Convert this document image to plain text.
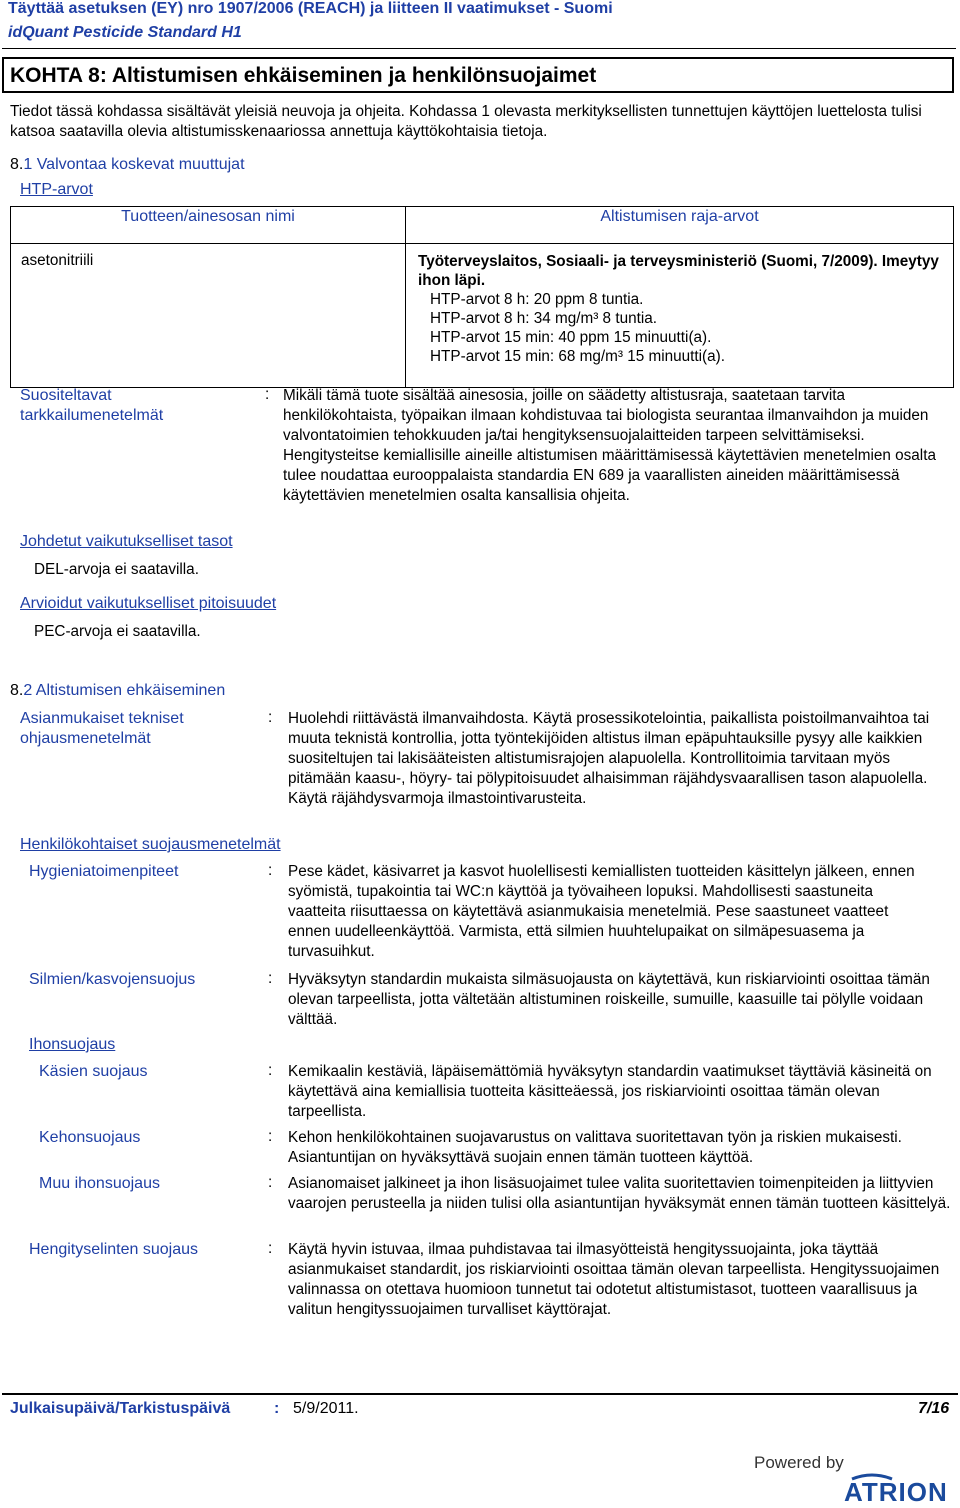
Täyttää asetuksen (EY) nro 1907/2006 (REACH) ja liitteen II vaatimukset - Suomi
idQuant Pesticide Standard H1
KOHTA 8: Altistumisen ehkäiseminen ja henkilönsuojaimet
Tiedot tässä kohdassa sisältävät yleisiä neuvoja ja ohjeita. Kohdassa 1 olevasta merkityksellisten tunnettujen käyttöjen luettelosta tulisi katsoa saatavilla olevia altistumisskenaariossa annettuja käyttökohtaisia tietoja.
8.1 Valvontaa koskevat muuttujat
HTP-arvot
Tuotteen/ainesosan nimi	Altistumisen raja-arvot
asetonitriili	Työterveyslaitos, Sosiaali- ja terveysministeriö (Suomi, 7/2009). Imeytyy ihon läpi.
HTP-arvot 8 h: 20 ppm 8 tuntia.
HTP-arvot 8 h: 34 mg/m³ 8 tuntia.
HTP-arvot 15 min: 40 ppm 15 minuutti(a).
HTP-arvot 15 min: 68 mg/m³ 15 minuutti(a).
Suositeltavat tarkkailumenetelmät
: Mikäli tämä tuote sisältää ainesosia, joille on säädetty altistusraja, saatetaan tarvita henkilökohtaista, työpaikan ilmaan kohdistuvaa tai biologista seurantaa ilmanvaihdon ja muiden valvontatoimien tehokkuuden ja/tai hengityksensuojalaitteiden tarpeen selvittämiseksi. Hengitysteitse kemiallisille aineille altistumisen määrittämisessä käytettävien menetelmien osalta tulee noudattaa eurooppalaista standardia EN 689 ja vaarallisten aineiden määrittämisessä käytettävien menetelmien osalta kansallisia ohjeita.
Johdetut vaikutukselliset tasot
DEL-arvoja ei saatavilla.
Arvioidut vaikutukselliset pitoisuudet
PEC-arvoja ei saatavilla.
8.2 Altistumisen ehkäiseminen
Asianmukaiset tekniset ohjausmenetelmät
: Huolehdi riittävästä ilmanvaihdosta. Käytä prosessikotelointia, paikallista poistoilmanvaihtoa tai muuta teknistä kontrollia, jotta työntekijöiden altistus ilman epäpuhtauksille pysyy alle kaikkien suositeltujen tai lakisääteisten altistumisrajojen alapuolella. Kontrollitoimia tarvitaan myös pitämään kaasu-, höyry- tai pölypitoisuudet alhaisimman räjähdysvaarallisen tason alapuolella. Käytä räjähdysvarmoja ilmastointivarusteita.
Henkilökohtaiset suojausmenetelmät
Hygieniatoimenpiteet	: Pese kädet, käsivarret ja kasvot huolellisesti kemiallisten tuotteiden käsittelyn jälkeen, ennen syömistä, tupakointia tai WC:n käyttöä ja työvaiheen lopuksi. Mahdollisesti saastuneita vaatteita riisuttaessa on käytettävä asianmukaisia menetelmiä. Pese saastuneet vaatteet ennen uudelleenkäyttöä. Varmista, että silmien huuhtelupaikat on silmäpesuasema ja turvasuihkut.
Silmien/kasvojensuojus	: Hyväksytyn standardin mukaista silmäsuojausta on käytettävä, kun riskiarviointi osoittaa tämän olevan tarpeellista, jotta vältetään altistuminen roiskeille, sumuille, kaasuille tai pölylle voidaan välttää.
Ihonsuojaus
Käsien suojaus	: Kemikaalin kestäviä, läpäisemättömiä hyväksytyn standardin vaatimukset täyttäviä käsineitä on käytettävä aina kemiallisia tuotteita käsitteäessä, jos riskiarviointi osoittaa tämän olevan tarpeellista.
Kehonsuojaus	: Kehon henkilökohtainen suojavarustus on valittava suoritettavan työn ja riskien mukaisesti. Asiantuntijan on hyväksyttävä suojain ennen tämän tuotteen käyttöä.
Muu ihonsuojaus	: Asianomaiset jalkineet ja ihon lisäsuojaimet tulee valita suoritettavien toimenpiteiden ja liittyvien vaarojen perusteella ja niiden tulisi olla asiantuntijan hyväksymät ennen tämän tuotteen käsittelyä.
Hengityselinten suojaus	: Käytä hyvin istuvaa, ilmaa puhdistavaa tai ilmasyötteistä hengityssuojainta, joka täyttää asianmukaiset standardit, jos riskiarviointi osoittaa tämän olevan tarpeellista. Hengityssuojaimen valinnassa on otettava huomioon tunnetut tai odotetut altistumistasot, tuotteen vaarallisuus ja valitun hengityssuojaimen turvalliset käyttörajat.
Julkaisupäivä/Tarkistuspäivä	: 5/9/2011.	7/16
Powered by
ATRION
